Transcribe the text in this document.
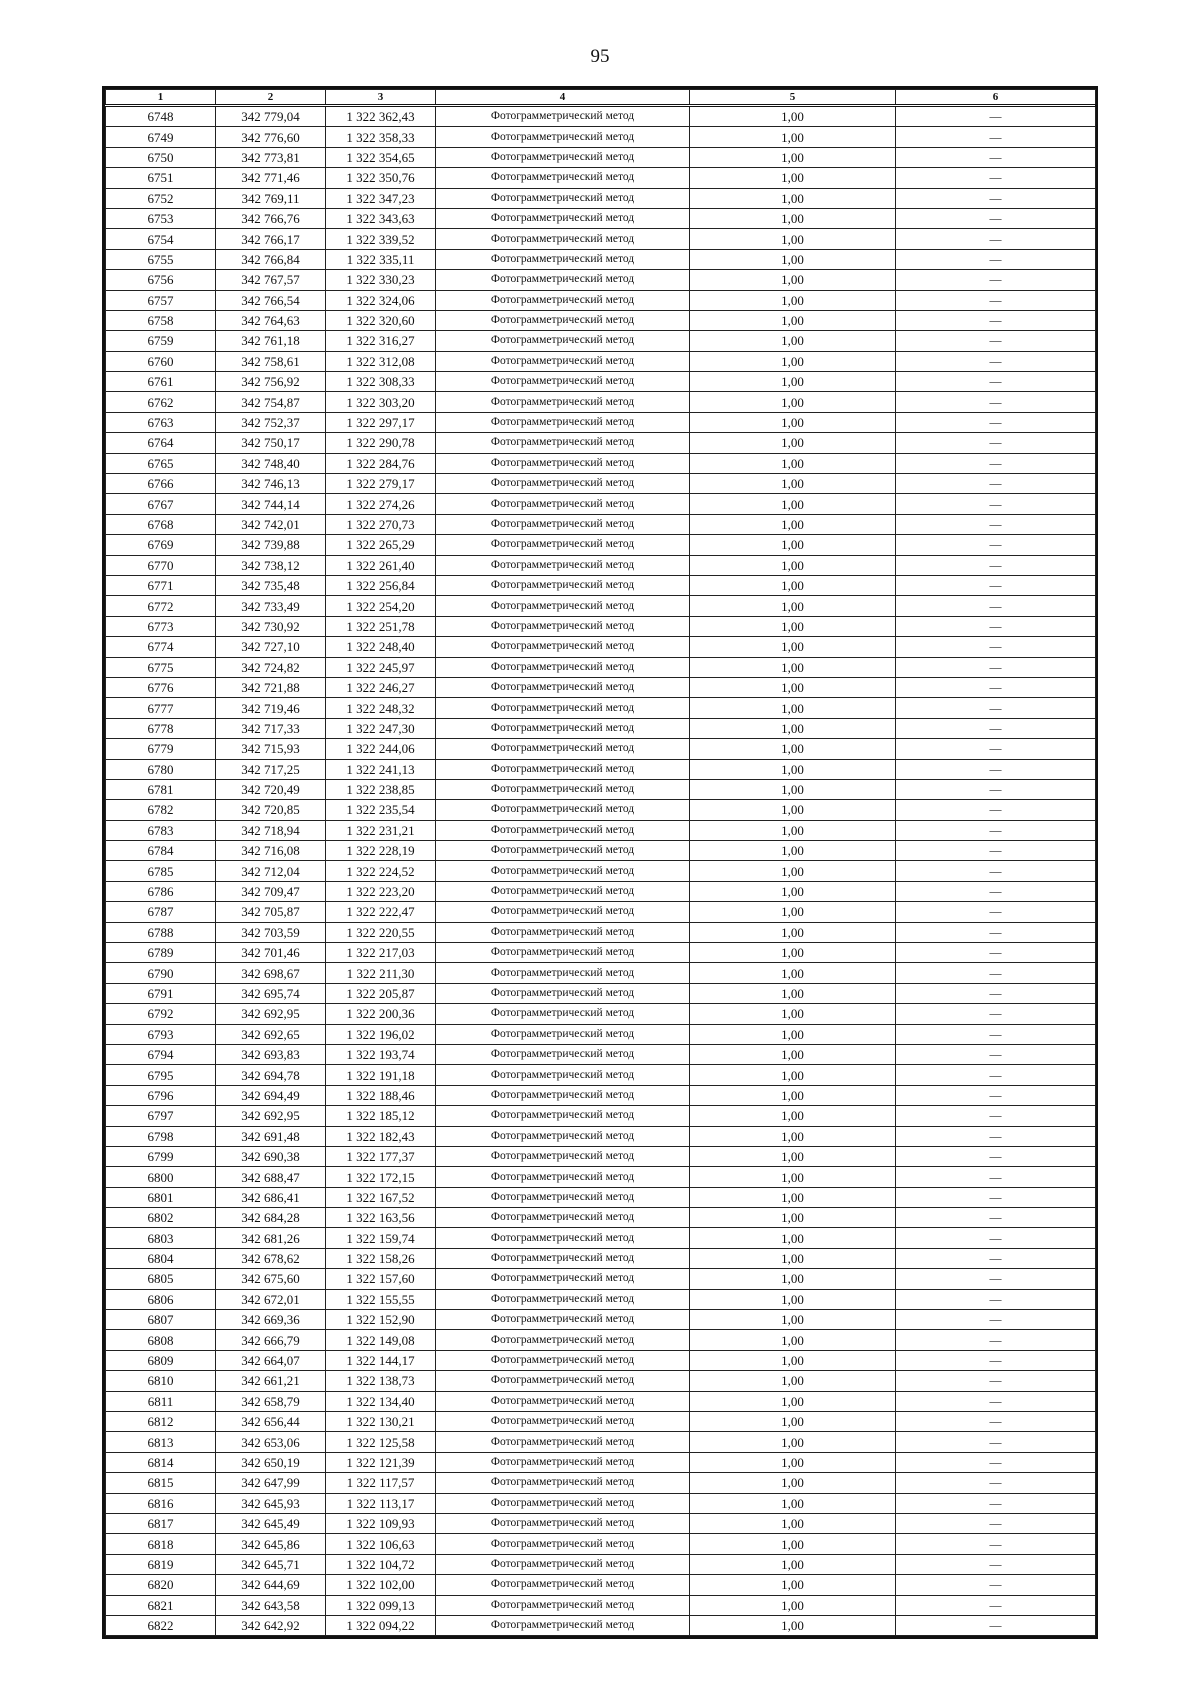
95
1	2	3	4	5	6
6748	342 779,04	1 322 362,43	Фотограмметрический метод	1,00	—
6749	342 776,60	1 322 358,33	Фотограмметрический метод	1,00	—
6750	342 773,81	1 322 354,65	Фотограмметрический метод	1,00	—
6751	342 771,46	1 322 350,76	Фотограмметрический метод	1,00	—
6752	342 769,11	1 322 347,23	Фотограмметрический метод	1,00	—
6753	342 766,76	1 322 343,63	Фотограмметрический метод	1,00	—
6754	342 766,17	1 322 339,52	Фотограмметрический метод	1,00	—
6755	342 766,84	1 322 335,11	Фотограмметрический метод	1,00	—
6756	342 767,57	1 322 330,23	Фотограмметрический метод	1,00	—
6757	342 766,54	1 322 324,06	Фотограмметрический метод	1,00	—
6758	342 764,63	1 322 320,60	Фотограмметрический метод	1,00	—
6759	342 761,18	1 322 316,27	Фотограмметрический метод	1,00	—
6760	342 758,61	1 322 312,08	Фотограмметрический метод	1,00	—
6761	342 756,92	1 322 308,33	Фотограмметрический метод	1,00	—
6762	342 754,87	1 322 303,20	Фотограмметрический метод	1,00	—
6763	342 752,37	1 322 297,17	Фотограмметрический метод	1,00	—
6764	342 750,17	1 322 290,78	Фотограмметрический метод	1,00	—
6765	342 748,40	1 322 284,76	Фотограмметрический метод	1,00	—
6766	342 746,13	1 322 279,17	Фотограмметрический метод	1,00	—
6767	342 744,14	1 322 274,26	Фотограмметрический метод	1,00	—
6768	342 742,01	1 322 270,73	Фотограмметрический метод	1,00	—
6769	342 739,88	1 322 265,29	Фотограмметрический метод	1,00	—
6770	342 738,12	1 322 261,40	Фотограмметрический метод	1,00	—
6771	342 735,48	1 322 256,84	Фотограмметрический метод	1,00	—
6772	342 733,49	1 322 254,20	Фотограмметрический метод	1,00	—
6773	342 730,92	1 322 251,78	Фотограмметрический метод	1,00	—
6774	342 727,10	1 322 248,40	Фотограмметрический метод	1,00	—
6775	342 724,82	1 322 245,97	Фотограмметрический метод	1,00	—
6776	342 721,88	1 322 246,27	Фотограмметрический метод	1,00	—
6777	342 719,46	1 322 248,32	Фотограмметрический метод	1,00	—
6778	342 717,33	1 322 247,30	Фотограмметрический метод	1,00	—
6779	342 715,93	1 322 244,06	Фотограмметрический метод	1,00	—
6780	342 717,25	1 322 241,13	Фотограмметрический метод	1,00	—
6781	342 720,49	1 322 238,85	Фотограмметрический метод	1,00	—
6782	342 720,85	1 322 235,54	Фотограмметрический метод	1,00	—
6783	342 718,94	1 322 231,21	Фотограмметрический метод	1,00	—
6784	342 716,08	1 322 228,19	Фотограмметрический метод	1,00	—
6785	342 712,04	1 322 224,52	Фотограмметрический метод	1,00	—
6786	342 709,47	1 322 223,20	Фотограмметрический метод	1,00	—
6787	342 705,87	1 322 222,47	Фотограмметрический метод	1,00	—
6788	342 703,59	1 322 220,55	Фотограмметрический метод	1,00	—
6789	342 701,46	1 322 217,03	Фотограмметрический метод	1,00	—
6790	342 698,67	1 322 211,30	Фотограмметрический метод	1,00	—
6791	342 695,74	1 322 205,87	Фотограмметрический метод	1,00	—
6792	342 692,95	1 322 200,36	Фотограмметрический метод	1,00	—
6793	342 692,65	1 322 196,02	Фотограмметрический метод	1,00	—
6794	342 693,83	1 322 193,74	Фотограмметрический метод	1,00	—
6795	342 694,78	1 322 191,18	Фотограмметрический метод	1,00	—
6796	342 694,49	1 322 188,46	Фотограмметрический метод	1,00	—
6797	342 692,95	1 322 185,12	Фотограмметрический метод	1,00	—
6798	342 691,48	1 322 182,43	Фотограмметрический метод	1,00	—
6799	342 690,38	1 322 177,37	Фотограмметрический метод	1,00	—
6800	342 688,47	1 322 172,15	Фотограмметрический метод	1,00	—
6801	342 686,41	1 322 167,52	Фотограмметрический метод	1,00	—
6802	342 684,28	1 322 163,56	Фотограмметрический метод	1,00	—
6803	342 681,26	1 322 159,74	Фотограмметрический метод	1,00	—
6804	342 678,62	1 322 158,26	Фотограмметрический метод	1,00	—
6805	342 675,60	1 322 157,60	Фотограмметрический метод	1,00	—
6806	342 672,01	1 322 155,55	Фотограмметрический метод	1,00	—
6807	342 669,36	1 322 152,90	Фотограмметрический метод	1,00	—
6808	342 666,79	1 322 149,08	Фотограмметрический метод	1,00	—
6809	342 664,07	1 322 144,17	Фотограмметрический метод	1,00	—
6810	342 661,21	1 322 138,73	Фотограмметрический метод	1,00	—
6811	342 658,79	1 322 134,40	Фотограмметрический метод	1,00	—
6812	342 656,44	1 322 130,21	Фотограмметрический метод	1,00	—
6813	342 653,06	1 322 125,58	Фотограмметрический метод	1,00	—
6814	342 650,19	1 322 121,39	Фотограмметрический метод	1,00	—
6815	342 647,99	1 322 117,57	Фотограмметрический метод	1,00	—
6816	342 645,93	1 322 113,17	Фотограмметрический метод	1,00	—
6817	342 645,49	1 322 109,93	Фотограмметрический метод	1,00	—
6818	342 645,86	1 322 106,63	Фотограмметрический метод	1,00	—
6819	342 645,71	1 322 104,72	Фотограмметрический метод	1,00	—
6820	342 644,69	1 322 102,00	Фотограмметрический метод	1,00	—
6821	342 643,58	1 322 099,13	Фотограмметрический метод	1,00	—
6822	342 642,92	1 322 094,22	Фотограмметрический метод	1,00	—
